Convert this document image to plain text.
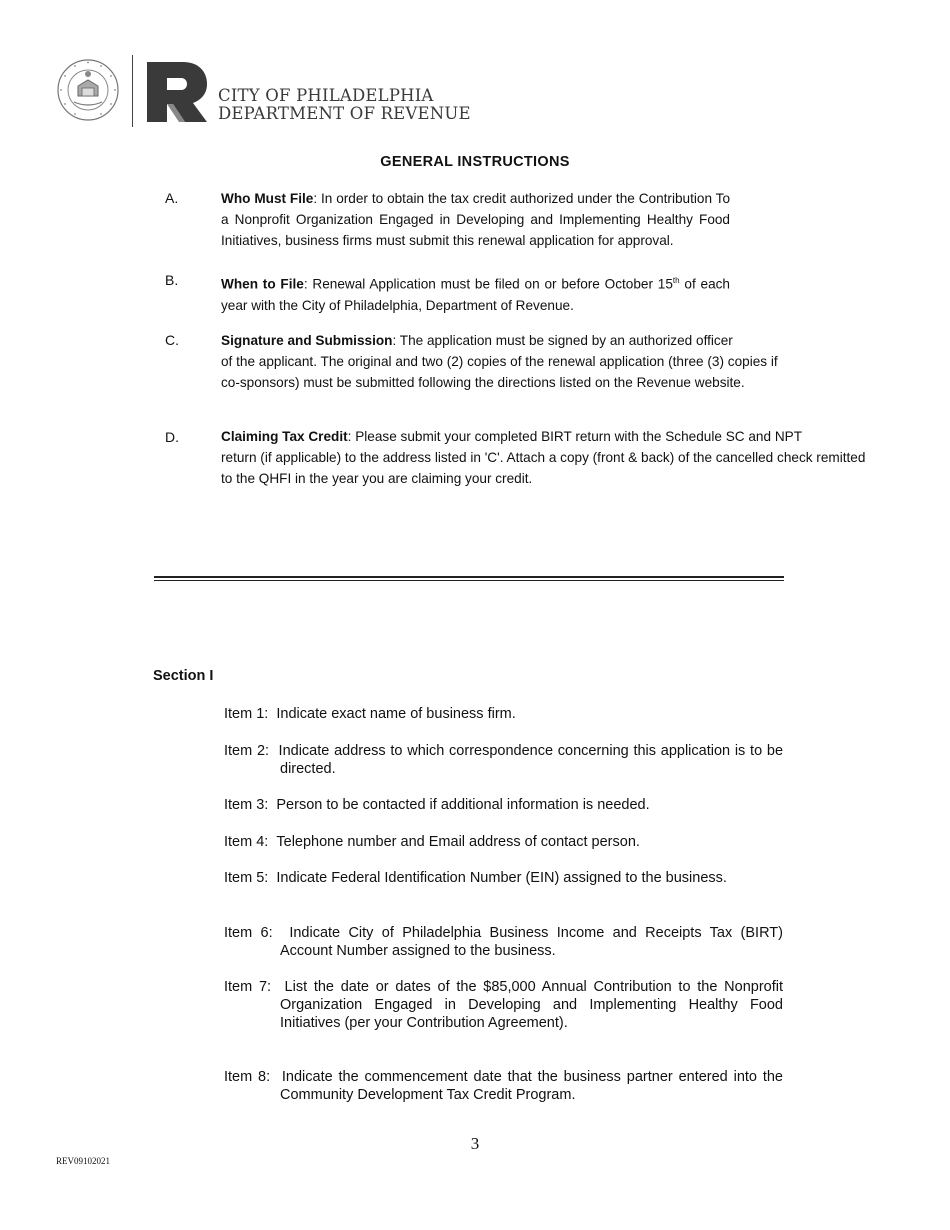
CITY OF PHILADELPHIA
DEPARTMENT OF REVENUE
GENERAL INSTRUCTIONS
A.	Who Must File: In order to obtain the tax credit authorized under the Contribution To a Nonprofit Organization Engaged in Developing and Implementing Healthy Food Initiatives, business firms must submit this renewal application for approval.
B.	When to File: Renewal Application must be filed on or before October 15th of each year with the City of Philadelphia, Department of Revenue.
C.	Signature and Submission: The application must be signed by an authorized officer
of the applicant. The original and two (2) copies of the renewal application (three (3) copies if
co-sponsors) must be submitted following the directions listed on the Revenue website.
D.	Claiming Tax Credit: Please submit your completed BIRT return with the Schedule SC and NPT
return (if applicable) to the address listed in 'C'. Attach a copy (front & back) of the cancelled check remitted
to the QHFI in the year you are claiming your credit.
Section I
Item 1: Indicate exact name of business firm.
Item 2: Indicate address to which correspondence concerning this application is to be directed.
Item 3: Person to be contacted if additional information is needed.
Item 4: Telephone number and Email address of contact person.
Item 5: Indicate Federal Identification Number (EIN) assigned to the business.
Item 6: Indicate City of Philadelphia Business Income and Receipts Tax (BIRT) Account Number assigned to the business.
Item 7: List the date or dates of the $85,000 Annual Contribution to the Nonprofit Organization Engaged in Developing and Implementing Healthy Food Initiatives (per your Contribution Agreement).
Item 8: Indicate the commencement date that the business partner entered into the Community Development Tax Credit Program.
3
REV09102021
